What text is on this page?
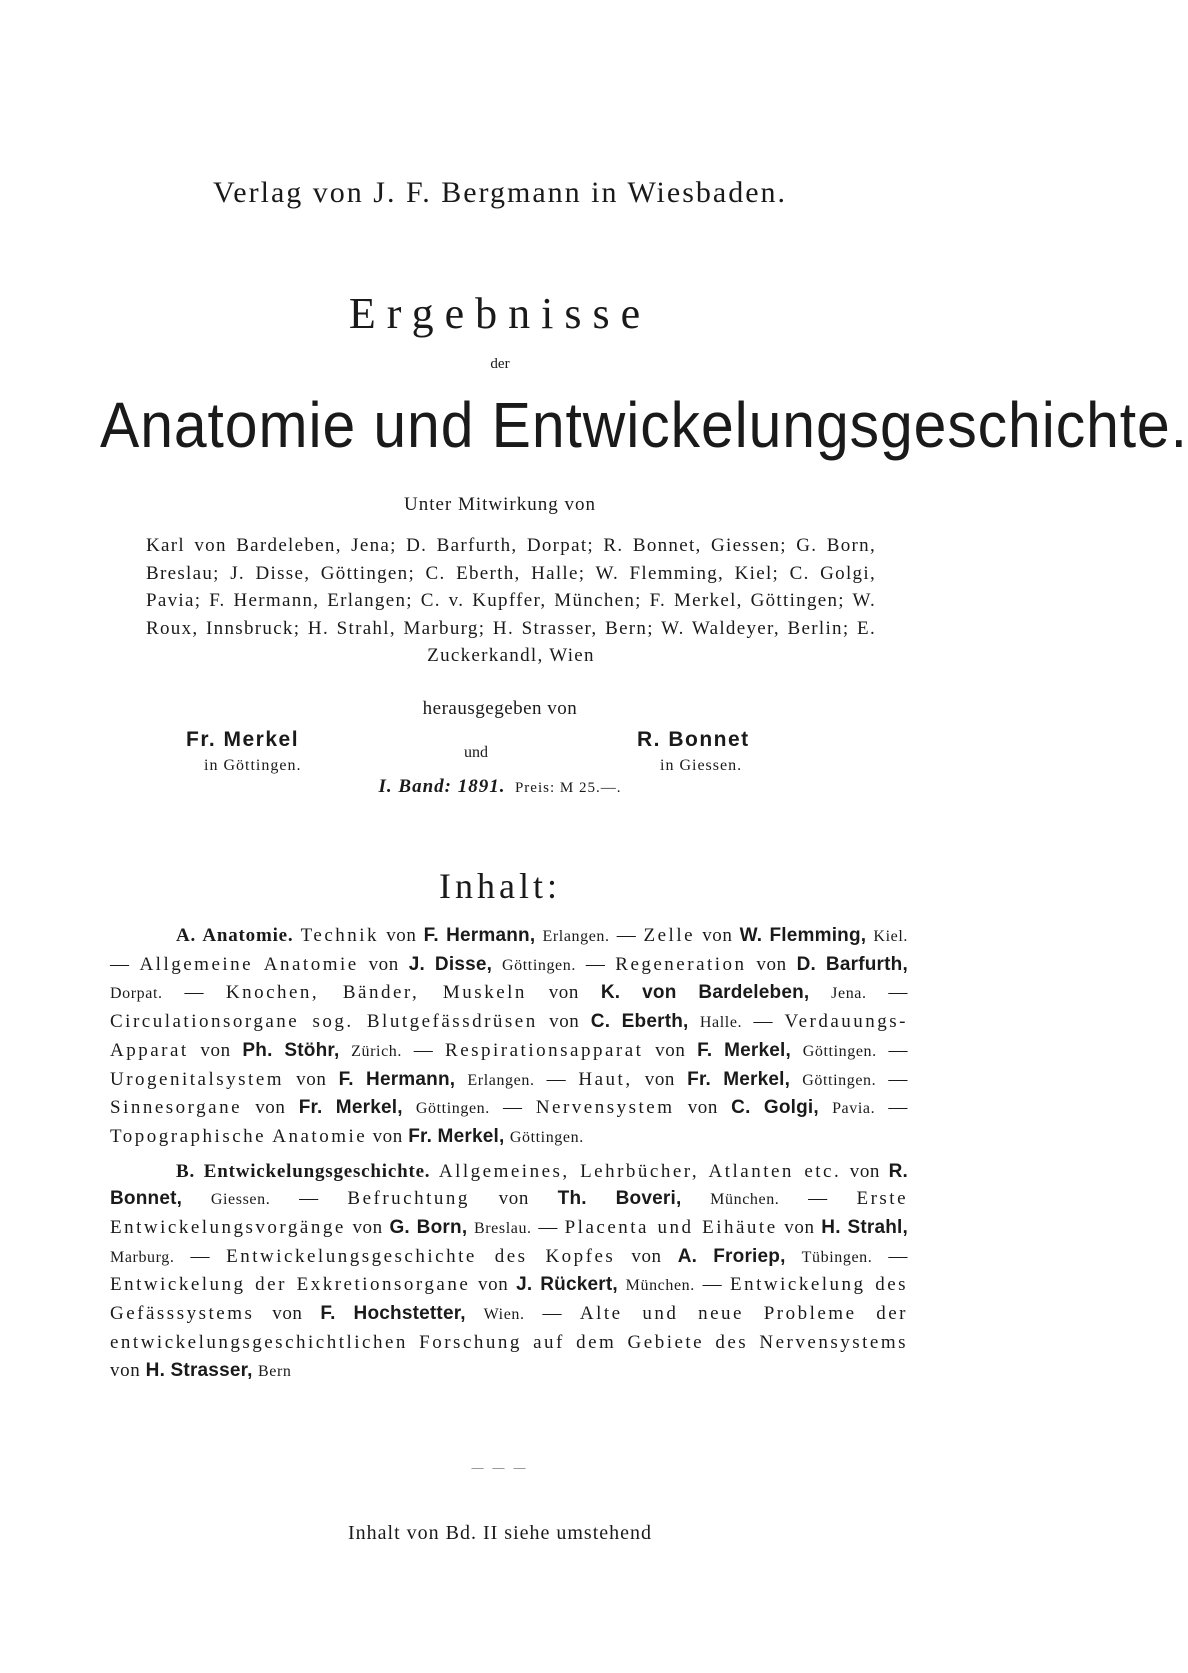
Verlag von J. F. Bergmann in Wiesbaden.
Ergebnisse
der
Anatomie und Entwickelungsgeschichte.
Unter Mitwirkung von
Karl von Bardeleben, Jena; D. Barfurth, Dorpat; R. Bonnet, Giessen; G. Born, Breslau; J. Disse, Göttingen; C. Eberth, Halle; W. Flemming, Kiel; C. Golgi, Pavia; F. Hermann, Erlangen; C. v. Kupffer, München; F. Merkel, Göttingen; W. Roux, Innsbruck; H. Strahl, Marburg; H. Strasser, Bern; W. Waldeyer, Berlin; E. Zuckerkandl, Wien
herausgegeben von
Fr. Merkel
in Göttingen.
und
R. Bonnet
in Giessen.
I. Band: 1891. Preis: M 25.—.
Inhalt:

A. Anatomie. Technik von F. Hermann, Erlangen. — Zelle von W. Flemming, Kiel. — Allgemeine Anatomie von J. Disse, Göttingen. — Regeneration von D. Barfurth, Dorpat. — Knochen, Bänder, Muskeln von K. von Bardeleben, Jena. — Circulationsorgane sog. Blutgefässdrüsen von C. Eberth, Halle. — Verdauungs-Apparat von Ph. Stöhr, Zürich. — Respirationsapparat von F. Merkel, Göttingen. — Urogenitalsystem von F. Hermann, Erlangen. — Haut, von Fr. Merkel, Göttingen. — Sinnesorgane von Fr. Merkel, Göttingen. — Nervensystem von C. Golgi, Pavia. — Topographische Anatomie von Fr. Merkel, Göttingen.

B. Entwickelungsgeschichte. Allgemeines, Lehrbücher, Atlanten etc. von R. Bonnet, Giessen. — Befruchtung von Th. Boveri, München. — Erste Entwickelungsvorgänge von G. Born, Breslau. — Placenta und Eihäute von H. Strahl, Marburg. — Entwickelungsgeschichte des Kopfes von A. Froriep, Tübingen. — Entwickelung der Exkretionsorgane von J. Rückert, München. — Entwickelung des Gefässsystems von F. Hochstetter, Wien. — Alte und neue Probleme der entwickelungsgeschichtlichen Forschung auf dem Gebiete des Nervensystems von H. Strasser, Bern

— — —
Inhalt von Bd. II siehe umstehend
